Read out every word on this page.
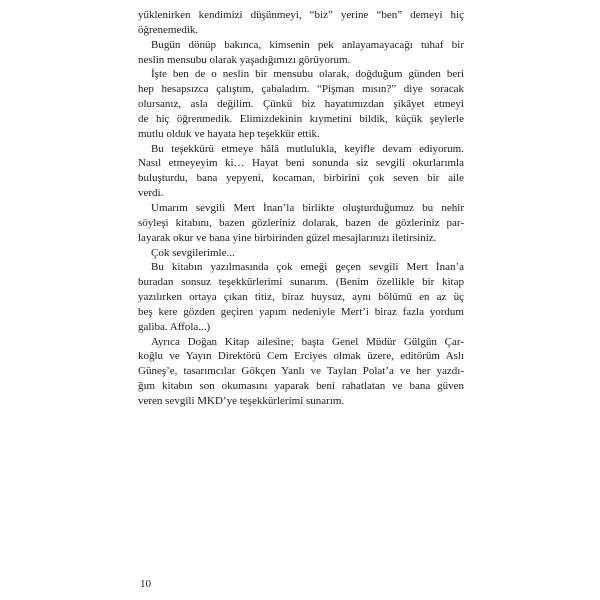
yüklenirken kendimizi düşünmeyi, “biz” yerine “ben” demeyi hiç
öğrenemedik.
Bugün dönüp bakınca, kimsenin pek anlayamayacağı tuhaf bir
neslin mensubu olarak yaşadığımızı görüyorum.
İşte ben de o neslin bir mensubu olarak, doğduğum günden beri
hep hesapsızca çalıştım, çabaladım. “Pişman mısın?” diye soracak
olursanız, asla değilim. Çünkü biz hayatımızdan şikâyet etmeyi
de hiç öğrenmedik. Elimizdekinin kıymetini bildik, küçük şeylerle
mutlu olduk ve hayata hep teşekkür ettik.
Bu teşekkürü etmeye hâlâ mutlulukla, keyifle devam ediyorum.
Nasıl etmeyeyim ki… Hayat beni sonunda siz sevgili okurlarımla
buluşturdu, bana yepyeni, kocaman, birbirini çok seven bir aile
verdi.
Umarım sevgili Mert İnan’la birlikte oluşturduğumuz bu nehir
söyleşi kitabını, bazen gözleriniz dolarak, bazen de gözleriniz par-
layarak okur ve bana yine birbirinden güzel mesajlarınızı iletirsiniz.
Çok sevgilerimle...
Bu kitabın yazılmasında çok emeği geçen sevgili Mert İnan’a
buradan sonsuz teşekkürlerimi sunarım. (Benim özellikle bir kitap
yazılırken ortaya çıkan titiz, biraz huysuz, aynı bölümü en az üç
beş kere gözden geçiren yapım nedeniyle Mert’i biraz fazla yordum
galiba. Affola...)
Ayrıca Doğan Kitap ailesine; başta Genel Müdür Gülgün Çar-
koğlu ve Yayın Direktörü Cem Erciyes olmak üzere, editörüm Aslı
Güneş’e, tasarımcılar Gökçen Yanlı ve Taylan Polat’a ve her yazdı-
ğım kitabın son okumasını yaparak beni rahatlatan ve bana güven
veren sevgili MKD’ye teşekkürlerimi sunarım.
10
